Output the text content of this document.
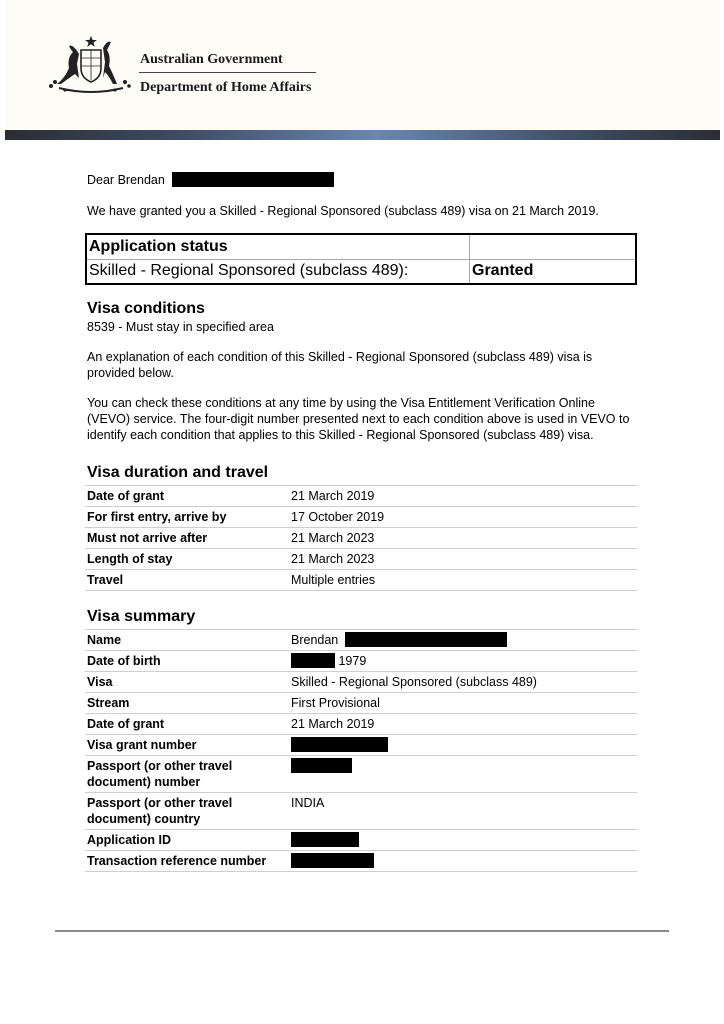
Australian Government
Department of Home Affairs

Dear Brendan

We have granted you a Skilled - Regional Sponsored (subclass 489) visa on 21 March 2019.

Application status
Skilled - Regional Sponsored (subclass 489):	Granted
Visa conditions

8539 - Must stay in specified area

An explanation of each condition of this Skilled - Regional Sponsored (subclass 489) visa is provided below.

You can check these conditions at any time by using the Visa Entitlement Verification Online (VEVO) service. The four-digit number presented next to each condition above is used in VEVO to identify each condition that applies to this Skilled - Regional Sponsored (subclass 489) visa.

Visa duration and travel
Date of grant	21 March 2019
For first entry, arrive by	17 October 2019
Must not arrive after	21 March 2023
Length of stay	21 March 2023
Travel	Multiple entries
Visa summary
Name	Brendan
Date of birth	1979
Visa	Skilled - Regional Sponsored (subclass 489)
Stream	First Provisional
Date of grant	21 March 2019
Visa grant number	
Passport (or other travel document) number	
Passport (or other travel document) country	INDIA
Application ID	
Transaction reference number	
